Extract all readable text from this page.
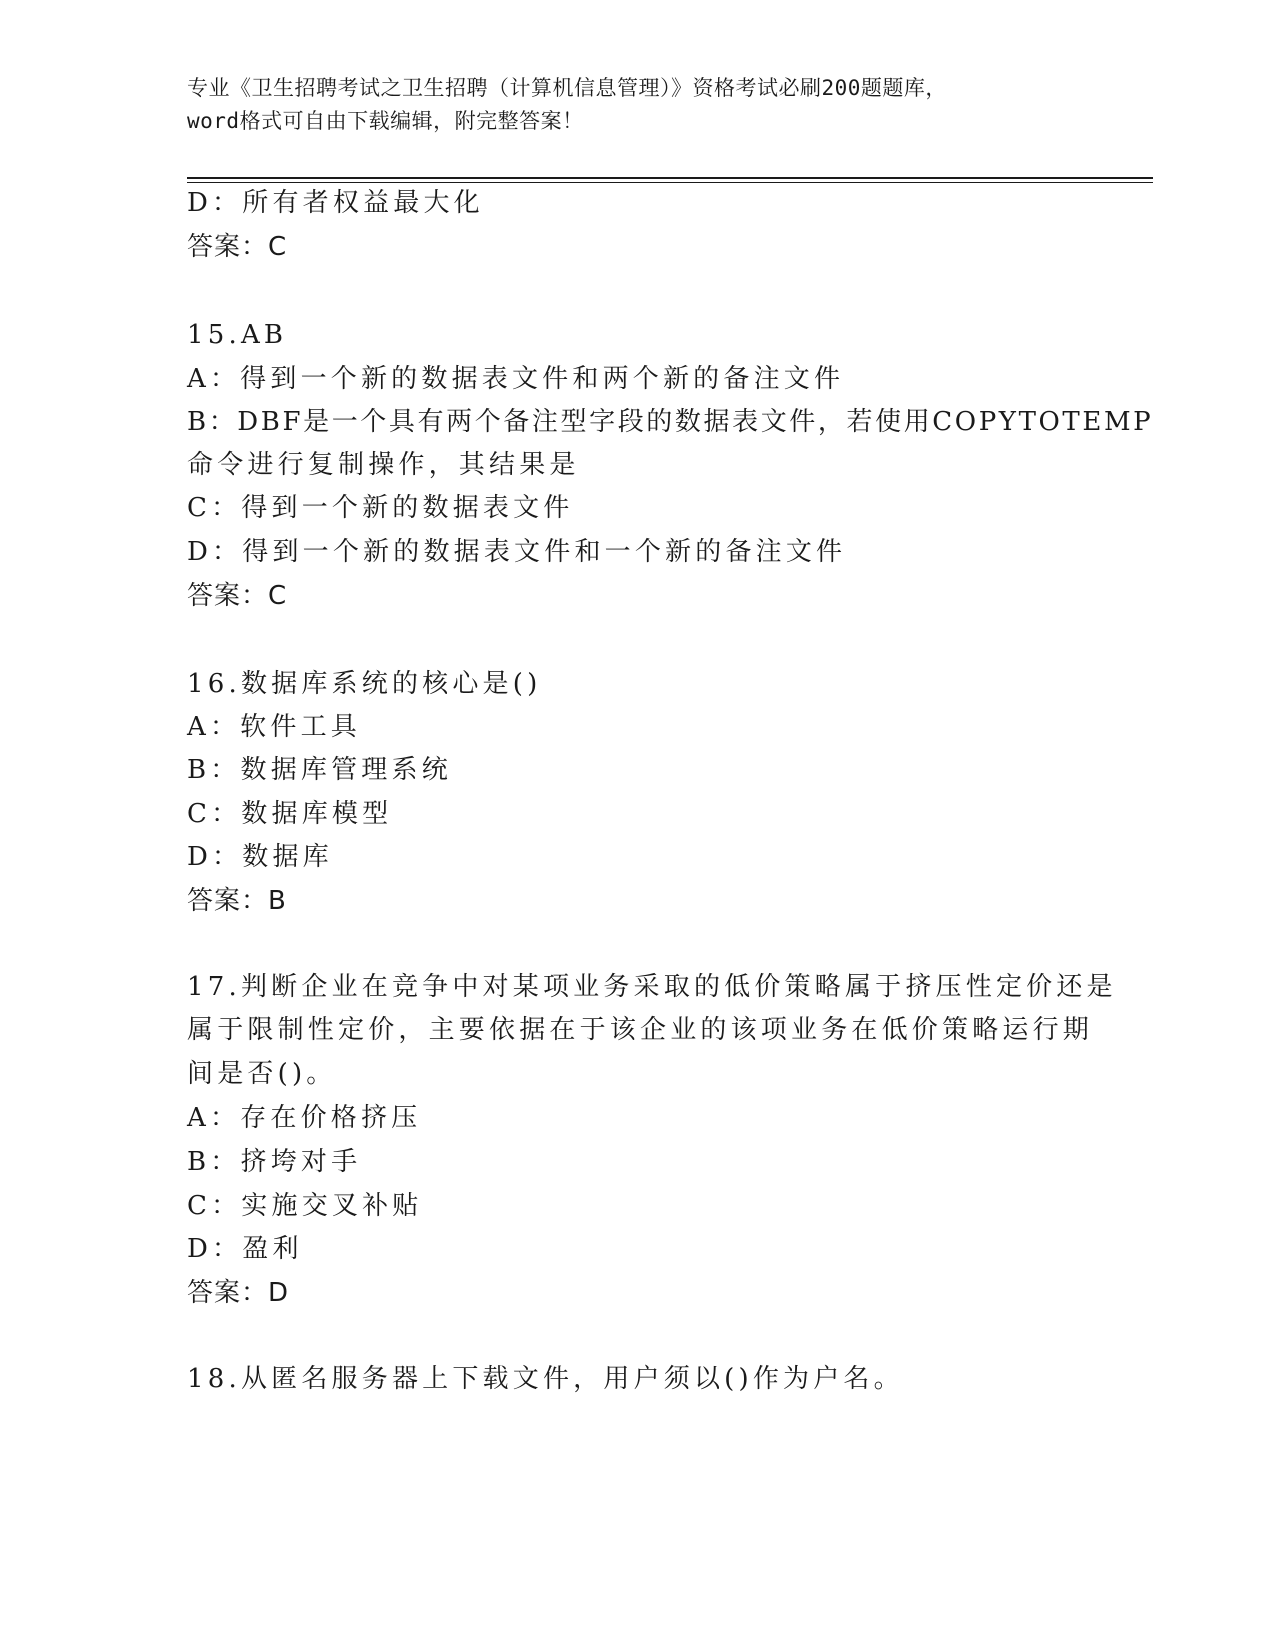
专业《卫生招聘考试之卫生招聘（计算机信息管理）》资格考试必刷200题题库，
word格式可自由下载编辑，附完整答案！
D：所有者权益最大化
答案：C
15.AB
A：得到一个新的数据表文件和两个新的备注文件
B：DBF是一个具有两个备注型字段的数据表文件，若使用COPYTOTEMP
命令进行复制操作，其结果是
C：得到一个新的数据表文件
D：得到一个新的数据表文件和一个新的备注文件
答案：C
16.数据库系统的核心是()
A：软件工具
B：数据库管理系统
C：数据库模型
D：数据库
答案：B
17.判断企业在竞争中对某项业务采取的低价策略属于挤压性定价还是
属于限制性定价，主要依据在于该企业的该项业务在低价策略运行期
间是否()。
A：存在价格挤压
B：挤垮对手
C：实施交叉补贴
D：盈利
答案：D
18.从匿名服务器上下载文件，用户须以()作为户名。
